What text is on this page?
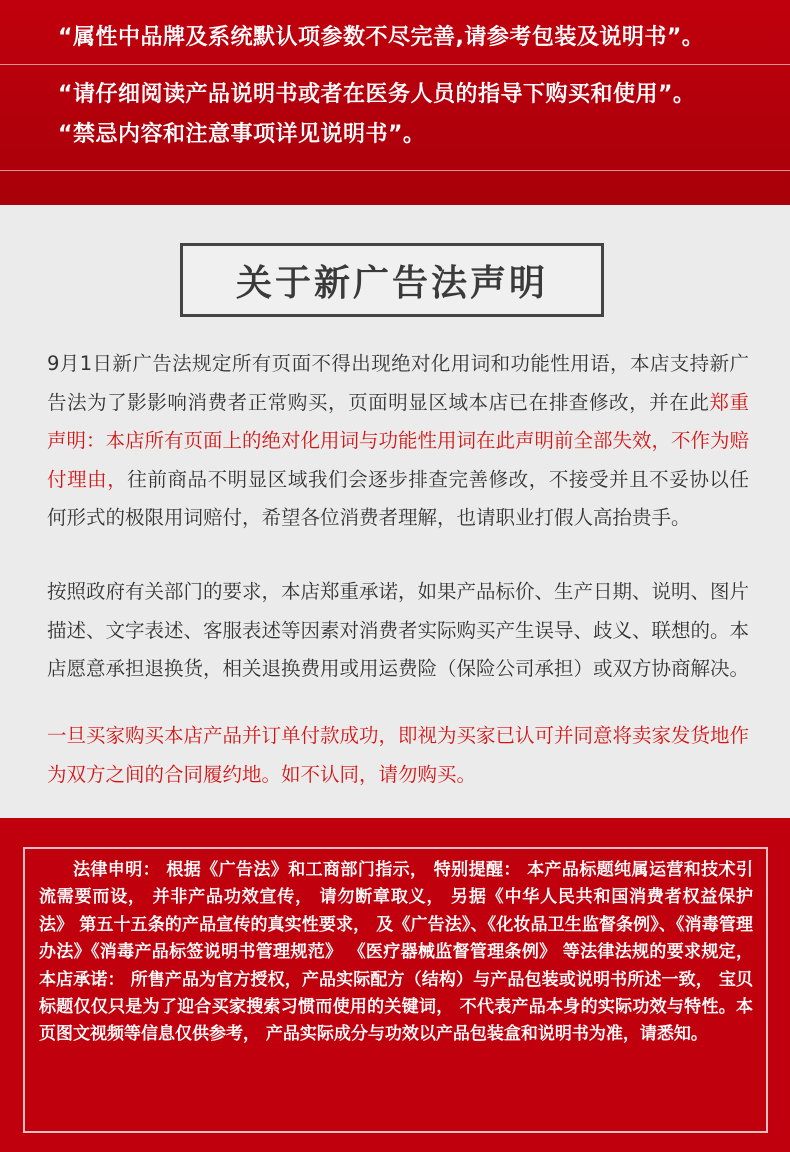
“属性中品牌及系统默认项参数不尽完善,请参考包装及说明书”。
“请仔细阅读产品说明书或者在医务人员的指导下购买和使用”。
“禁忌内容和注意事项详见说明书”。
关于新广告法声明
9月1日新广告法规定所有页面不得出现绝对化用词和功能性用语，本店支持新广告法为了影影响消费者正常购买，页面明显区域本店已在排查修改，并在此郑重声明：本店所有页面上的绝对化用词与功能性用词在此声明前全部失效，不作为赔付理由，往前商品不明显区域我们会逐步排查完善修改，不接受并且不妥协以任何形式的极限用词赔付，希望各位消费者理解，也请职业打假人高抬贵手。
按照政府有关部门的要求，本店郑重承诺，如果产品标价、生产日期、说明、图片描述、文字表述、客服表述等因素对消费者实际购买产生误导、歧义、联想的。本店愿意承担退换货，相关退换费用或用运费险（保险公司承担）或双方协商解决。
一旦买家购买本店产品并订单付款成功，即视为买家已认可并同意将卖家发货地作为双方之间的合同履约地。如不认同，请勿购买。
法律申明： 根据《广告法》和工商部门指示， 特别提醒： 本产品标题纯属运营和技术引流需要而设， 并非产品功效宣传， 请勿断章取义， 另据《中华人民共和国消费者权益保护法》 第五十五条的产品宣传的真实性要求， 及《广告法》、《化妆品卫生监督条例》、《消毒管理办法》《消毒产品标签说明书管理规范》 《医疗器械监督管理条例》 等法律法规的要求规定，本店承诺： 所售产品为官方授权，产品实际配方（结构）与产品包装或说明书所述一致， 宝贝标题仅仅只是为了迎合买家搜索习惯而使用的关键词， 不代表产品本身的实际功效与特性。本页图文视频等信息仅供参考， 产品实际成分与功效以产品包装盒和说明书为准，请悉知。
